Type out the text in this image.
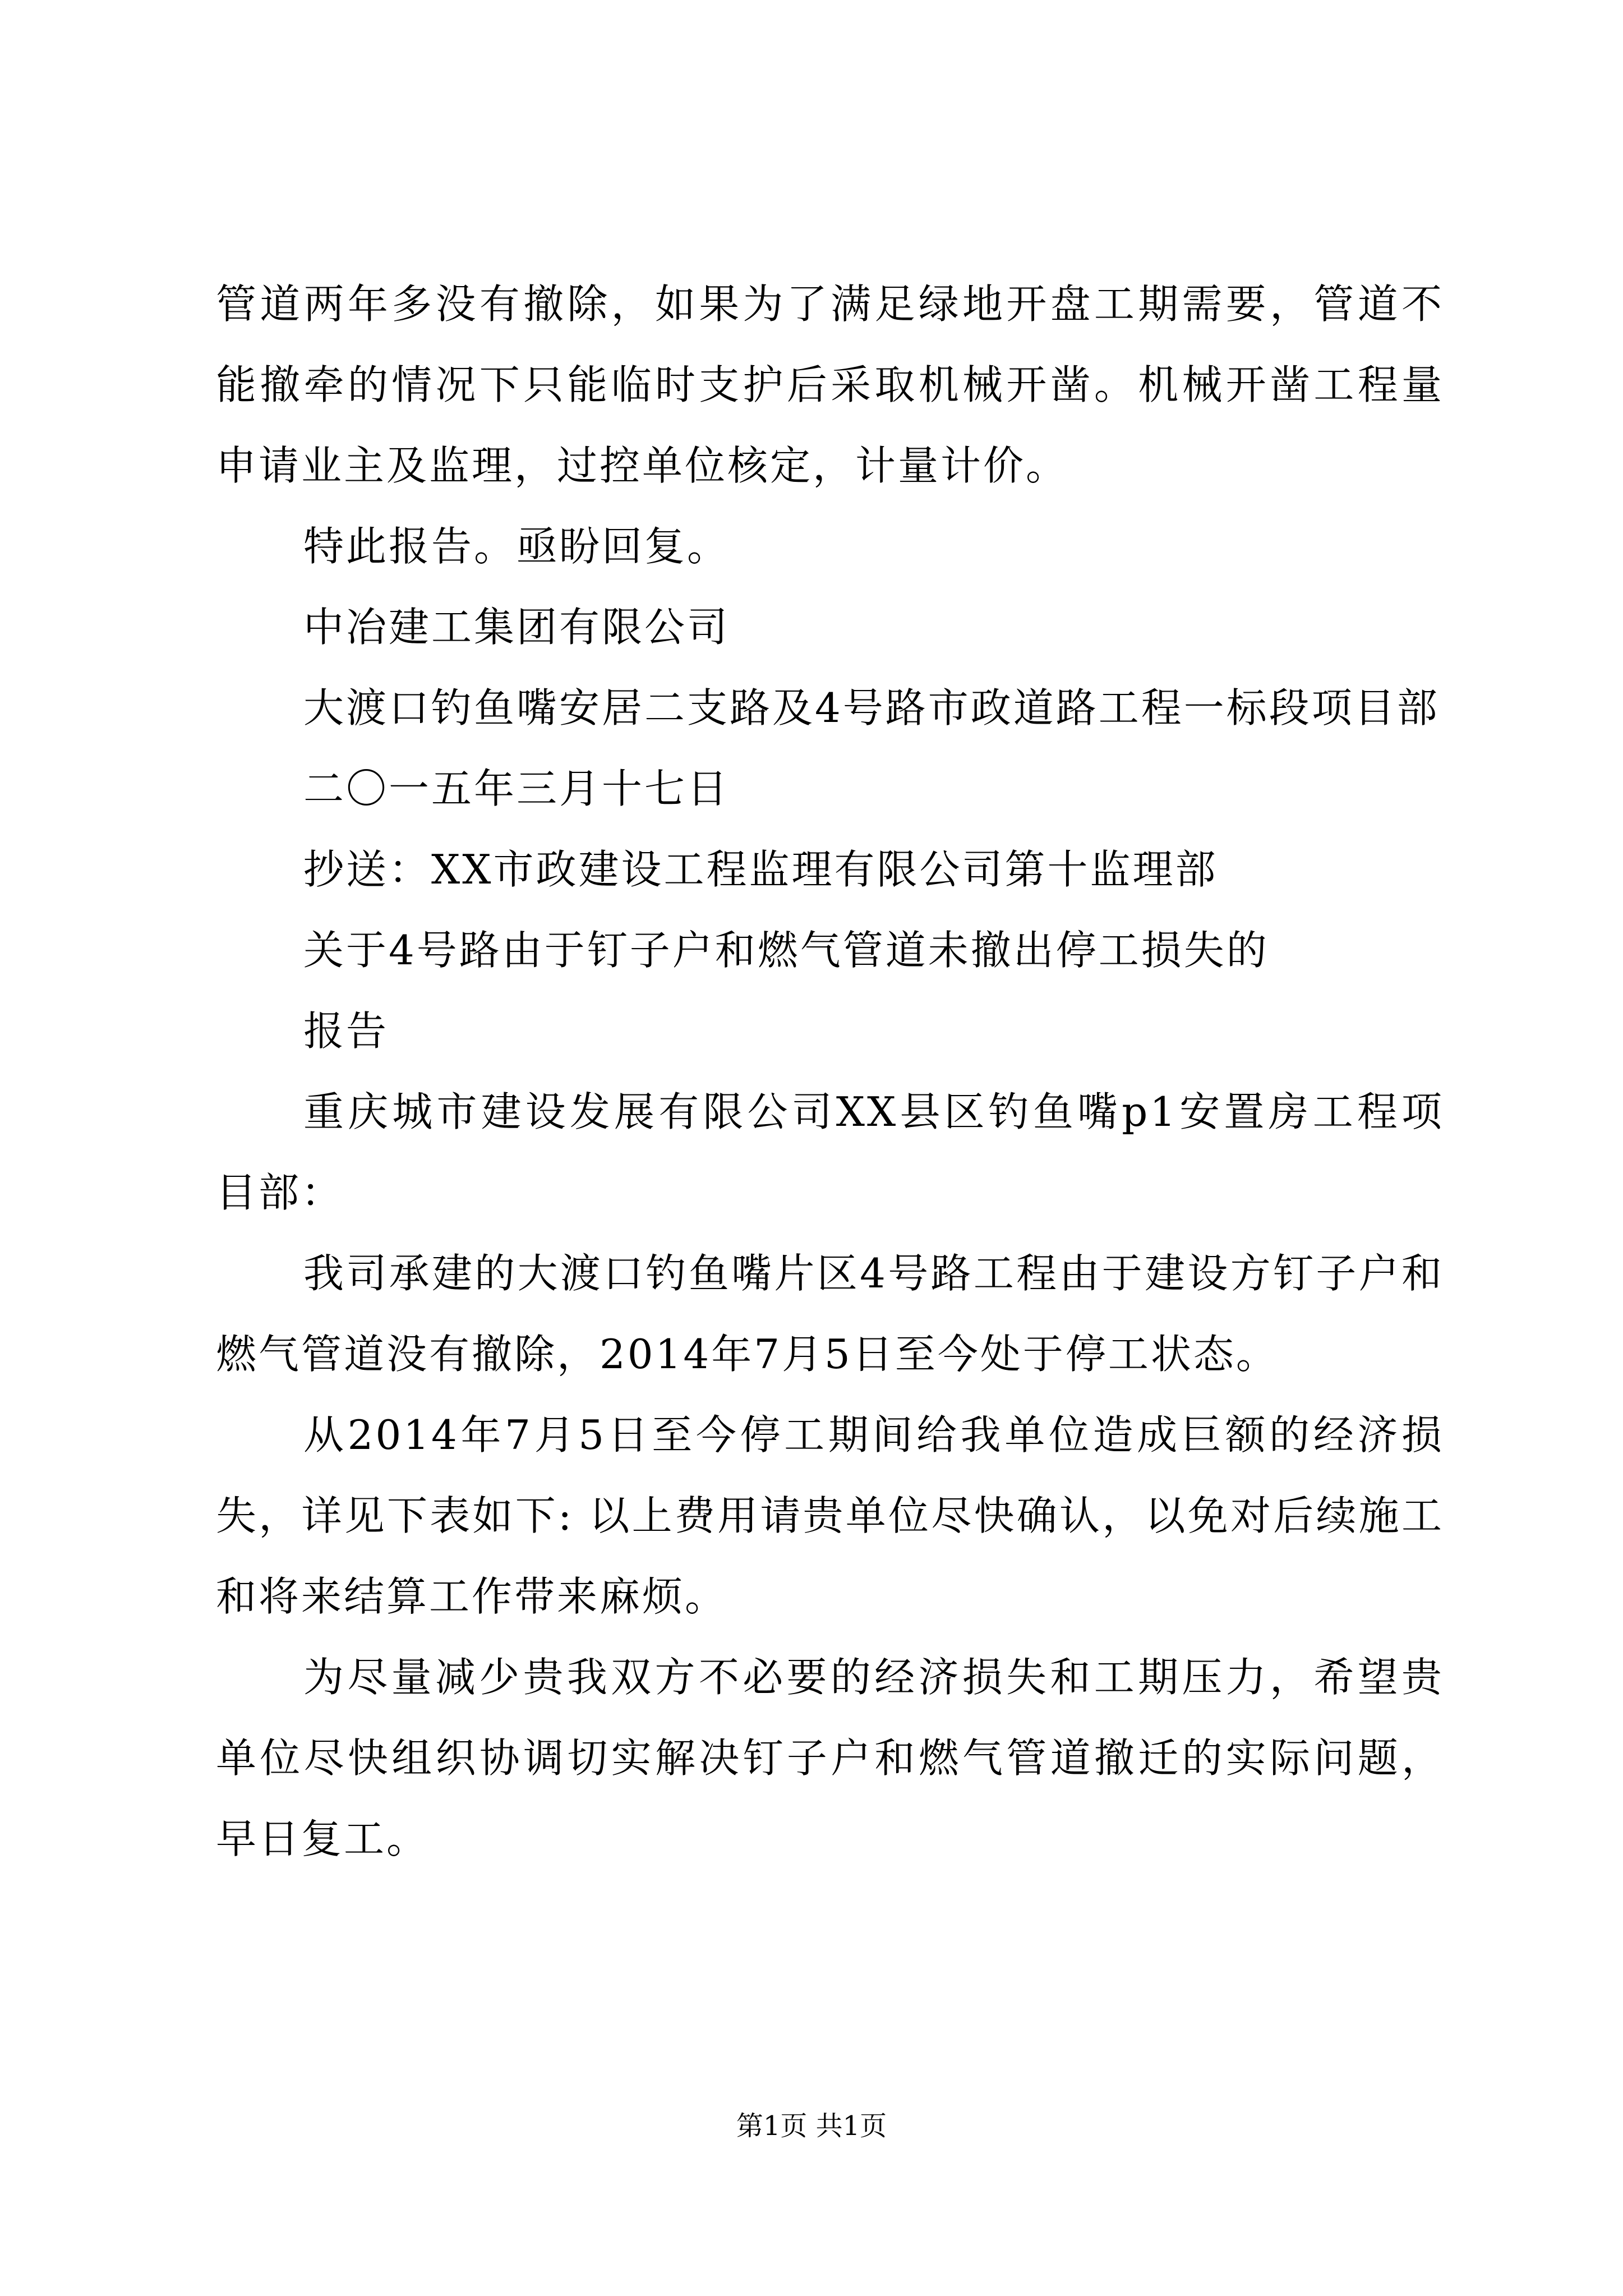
管道两年多没有撤除，如果为了满足绿地开盘工期需要，管道不能撤牵的情况下只能临时支护后采取机械开凿。机械开凿工程量申请业主及监理，过控单位核定，计量计价。

特此报告。亟盼回复。

中冶建工集团有限公司

大渡口钓鱼嘴安居二支路及4号路市政道路工程一标段项目部

二〇一五年三月十七日

抄送：XX市政建设工程监理有限公司第十监理部

关于4号路由于钉子户和燃气管道未撤出停工损失的

报告

重庆城市建设发展有限公司XX县区钓鱼嘴p1安置房工程项目部：

我司承建的大渡口钓鱼嘴片区4号路工程由于建设方钉子户和燃气管道没有撤除，2014年7月5日至今处于停工状态。

从2014年7月5日至今停工期间给我单位造成巨额的经济损失，详见下表如下: 以上费用请贵单位尽快确认，以免对后续施工和将来结算工作带来麻烦。

为尽量减少贵我双方不必要的经济损失和工期压力，希望贵单位尽快组织协调切实解决钉子户和燃气管道撤迁的实际问题，早日复工。

第1页 共1页
